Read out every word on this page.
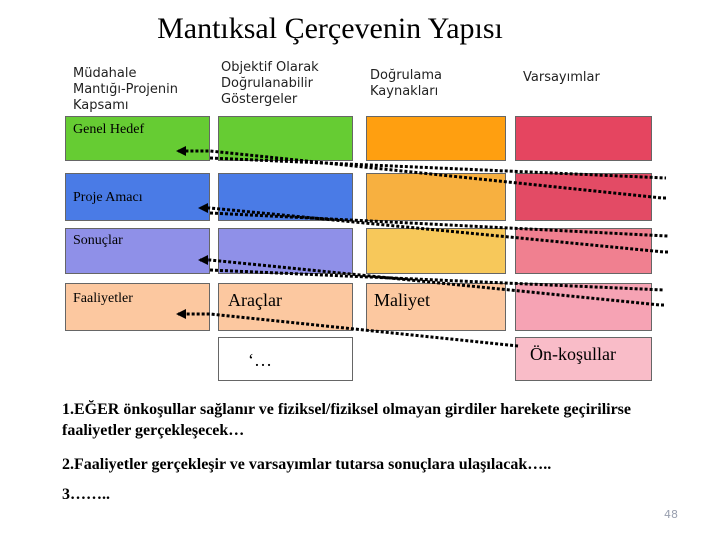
Mantıksal Çerçevenin Yapısı
Müdahale
Mantığı-Projenin
Kapsamı
Objektif Olarak
Doğrulanabilir
Göstergeler
Doğrulama
Kaynakları
Varsayımlar
Genel Hedef
Proje Amacı
Sonuçlar
Faaliyetler	Araçlar	Maliyet
Ön-koşullar
‘…
1.EĞER önkoşullar sağlanır ve fiziksel/fiziksel olmayan girdiler harekete geçirilirse faaliyetler gerçekleşecek…
2.Faaliyetler gerçekleşir ve varsayımlar tutarsa sonuçlara ulaşılacak…..
3……..
48
